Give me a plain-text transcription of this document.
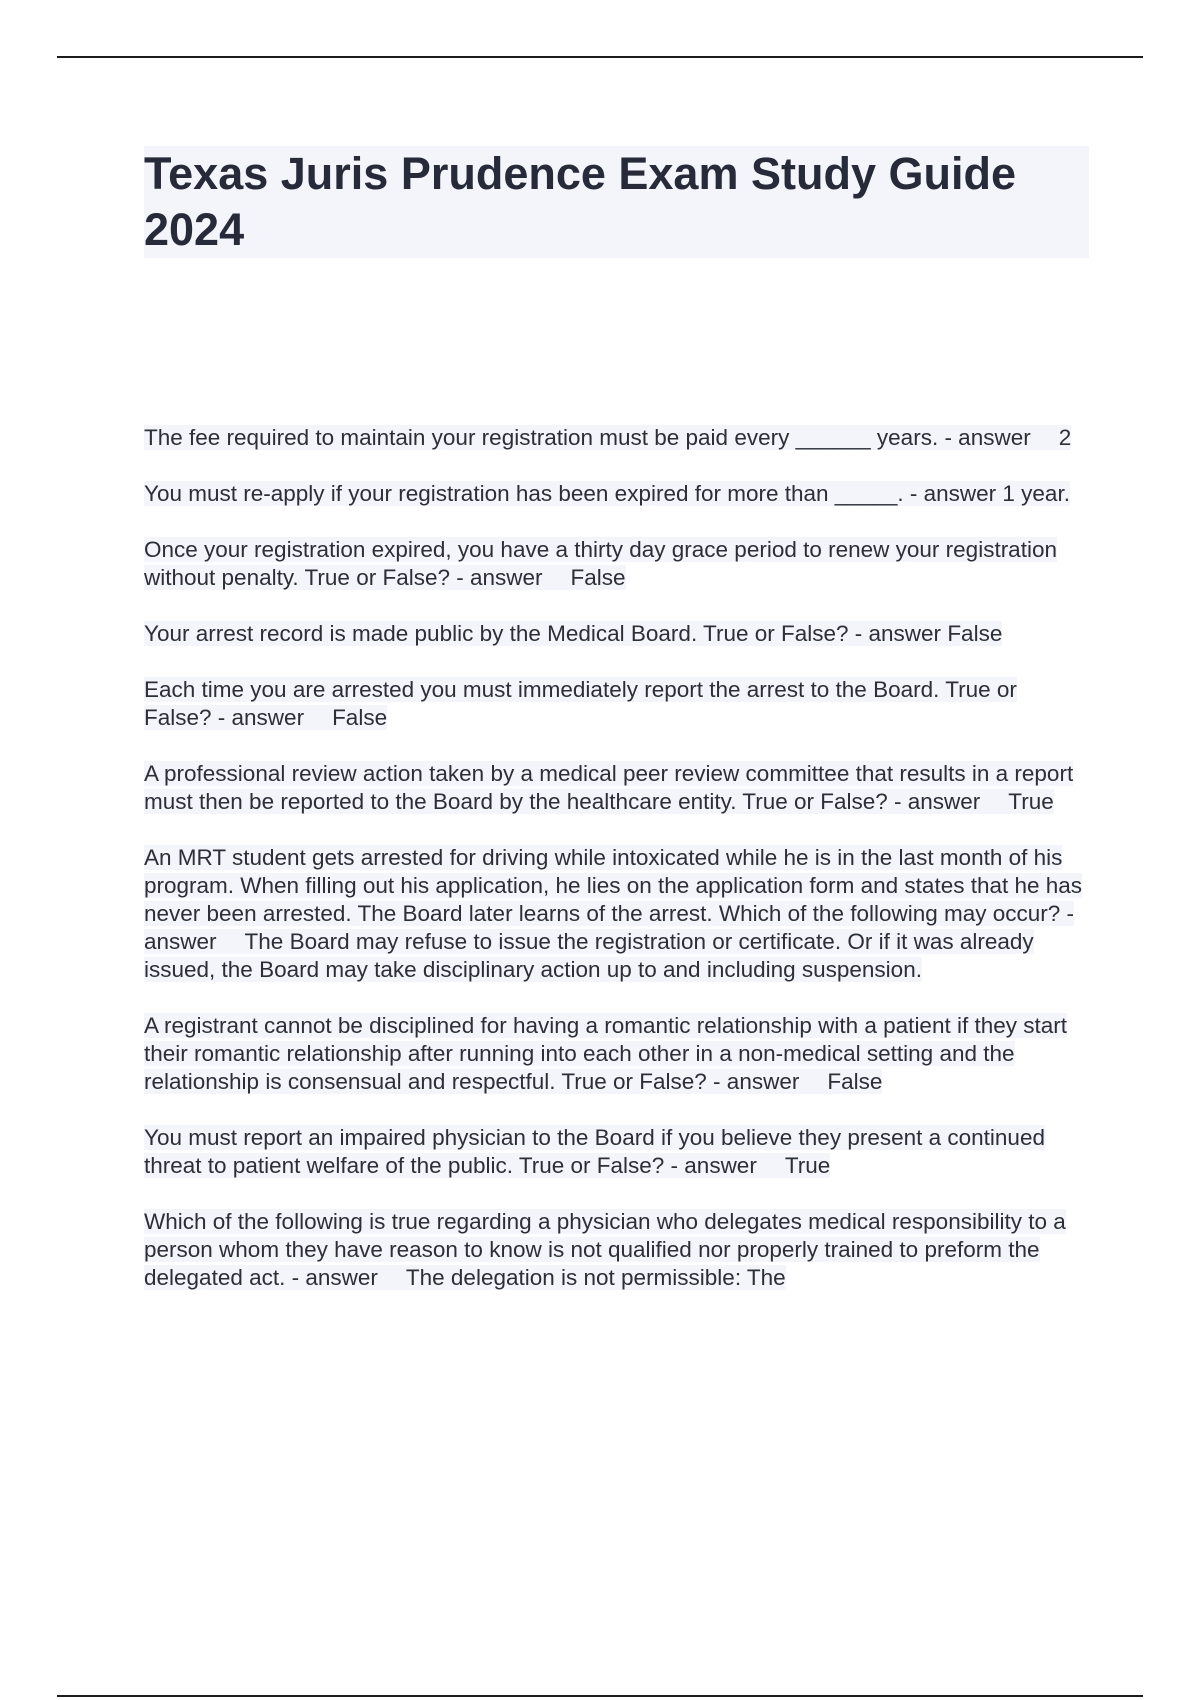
Texas Juris Prudence Exam Study Guide 2024

The fee required to maintain your registration must be paid every ______ years. - answer 2

You must re-apply if your registration has been expired for more than _____. - answer 1 year.

Once your registration expired, you have a thirty day grace period to renew your registration without penalty. True or False? - answer False

Your arrest record is made public by the Medical Board. True or False? - answer False

Each time you are arrested you must immediately report the arrest to the Board. True or False? - answer False

A professional review action taken by a medical peer review committee that results in a report must then be reported to the Board by the healthcare entity. True or False? - answer True

An MRT student gets arrested for driving while intoxicated while he is in the last month of his program. When filling out his application, he lies on the application form and states that he has never been arrested. The Board later learns of the arrest. Which of the following may occur? - answer The Board may refuse to issue the registration or certificate. Or if it was already issued, the Board may take disciplinary action up to and including suspension.

A registrant cannot be disciplined for having a romantic relationship with a patient if they start their romantic relationship after running into each other in a non-medical setting and the relationship is consensual and respectful. True or False? - answer False

You must report an impaired physician to the Board if you believe they present a continued threat to patient welfare of the public. True or False? - answer True

Which of the following is true regarding a physician who delegates medical responsibility to a person whom they have reason to know is not qualified nor properly trained to preform the delegated act. - answer The delegation is not permissible: The
